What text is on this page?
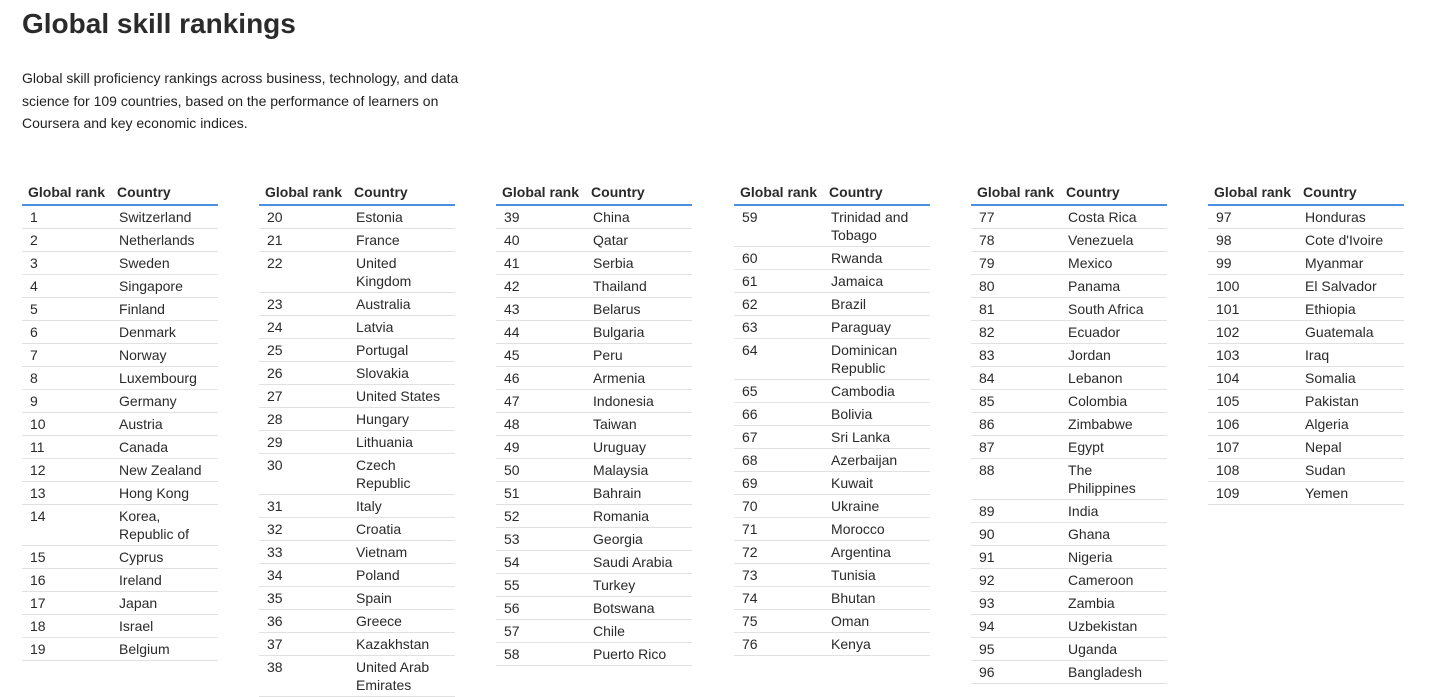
Global skill rankings

Global skill proficiency rankings across business, technology, and data science for 109 countries, based on the performance of learners on Coursera and key economic indices.

Global rank	Country
1	Switzerland
2	Netherlands
3	Sweden
4	Singapore
5	Finland
6	Denmark
7	Norway
8	Luxembourg
9	Germany
10	Austria
11	Canada
12	New Zealand
13	Hong Kong
14	Korea, Republic of
15	Cyprus
16	Ireland
17	Japan
18	Israel
19	Belgium
Global rank	Country
20	Estonia
21	France
22	United Kingdom
23	Australia
24	Latvia
25	Portugal
26	Slovakia
27	United States
28	Hungary
29	Lithuania
30	Czech Republic
31	Italy
32	Croatia
33	Vietnam
34	Poland
35	Spain
36	Greece
37	Kazakhstan
38	United Arab Emirates
Global rank	Country
39	China
40	Qatar
41	Serbia
42	Thailand
43	Belarus
44	Bulgaria
45	Peru
46	Armenia
47	Indonesia
48	Taiwan
49	Uruguay
50	Malaysia
51	Bahrain
52	Romania
53	Georgia
54	Saudi Arabia
55	Turkey
56	Botswana
57	Chile
58	Puerto Rico
Global rank	Country
59	Trinidad and Tobago
60	Rwanda
61	Jamaica
62	Brazil
63	Paraguay
64	Dominican Republic
65	Cambodia
66	Bolivia
67	Sri Lanka
68	Azerbaijan
69	Kuwait
70	Ukraine
71	Morocco
72	Argentina
73	Tunisia
74	Bhutan
75	Oman
76	Kenya
Global rank	Country
77	Costa Rica
78	Venezuela
79	Mexico
80	Panama
81	South Africa
82	Ecuador
83	Jordan
84	Lebanon
85	Colombia
86	Zimbabwe
87	Egypt
88	The Philippines
89	India
90	Ghana
91	Nigeria
92	Cameroon
93	Zambia
94	Uzbekistan
95	Uganda
96	Bangladesh
Global rank	Country
97	Honduras
98	Cote d'Ivoire
99	Myanmar
100	El Salvador
101	Ethiopia
102	Guatemala
103	Iraq
104	Somalia
105	Pakistan
106	Algeria
107	Nepal
108	Sudan
109	Yemen
